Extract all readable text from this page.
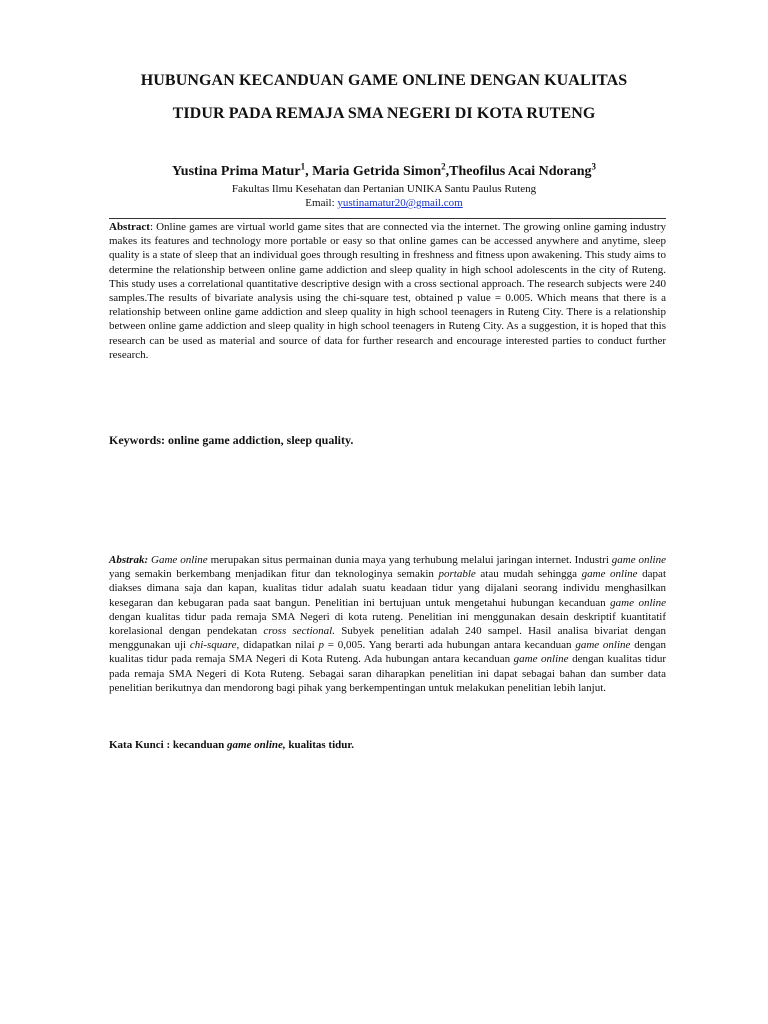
HUBUNGAN KECANDUAN GAME ONLINE DENGAN KUALITAS
TIDUR PADA REMAJA SMA NEGERI DI KOTA RUTENG
Yustina Prima Matur$^1$, Maria Getrida Simon$^2$,Theofilus Acai Ndorang$^3$
Fakultas Ilmu Kesehatan dan Pertanian UNIKA Santu Paulus Ruteng
Email: yustinamatur20@gmail.com
Abstract: Online games are virtual world game sites that are connected via the internet. The growing online gaming industry makes its features and technology more portable or easy so that online games can be accessed anywhere and anytime, sleep quality is a state of sleep that an individual goes through resulting in freshness and fitness upon awakening. This study aims to determine the relationship between online game addiction and sleep quality in high school adolescents in the city of Ruteng. This study uses a correlational quantitative descriptive design with a cross sectional approach. The research subjects were 240 samples.The results of bivariate analysis using the chi-square test, obtained p value = 0.005. Which means that there is a relationship between online game addiction and sleep quality in high school teenagers in Ruteng City. There is a relationship between online game addiction and sleep quality in high school teenagers in Ruteng City. As a suggestion, it is hoped that this research can be used as material and source of data for further research and encourage interested parties to conduct further research.
Keywords: online game addiction, sleep quality.
Abstrak: Game online merupakan situs permainan dunia maya yang terhubung melalui jaringan internet. Industri game online yang semakin berkembang menjadikan fitur dan teknologinya semakin portable atau mudah sehingga game online dapat diakses dimana saja dan kapan, kualitas tidur adalah suatu keadaan tidur yang dijalani seorang individu menghasilkan kesegaran dan kebugaran pada saat bangun. Penelitian ini bertujuan untuk mengetahui hubungan kecanduan game online dengan kualitas tidur pada remaja SMA Negeri di kota ruteng. Penelitian ini menggunakan desain deskriptif kuantitatif korelasional dengan pendekatan cross sectional. Subyek penelitian adalah 240 sampel. Hasil analisa bivariat dengan menggunakan uji chi-square, didapatkan nilai p = 0,005. Yang berarti ada hubungan antara kecanduan game online dengan kualitas tidur pada remaja SMA Negeri di Kota Ruteng. Ada hubungan antara kecanduan game online dengan kualitas tidur pada remaja SMA Negeri di Kota Ruteng. Sebagai saran diharapkan penelitian ini dapat sebagai bahan dan sumber data penelitian berikutnya dan mendorong bagi pihak yang berkempentingan untuk melakukan penelitian lebih lanjut.
Kata Kunci : kecanduan game online, kualitas tidur.
